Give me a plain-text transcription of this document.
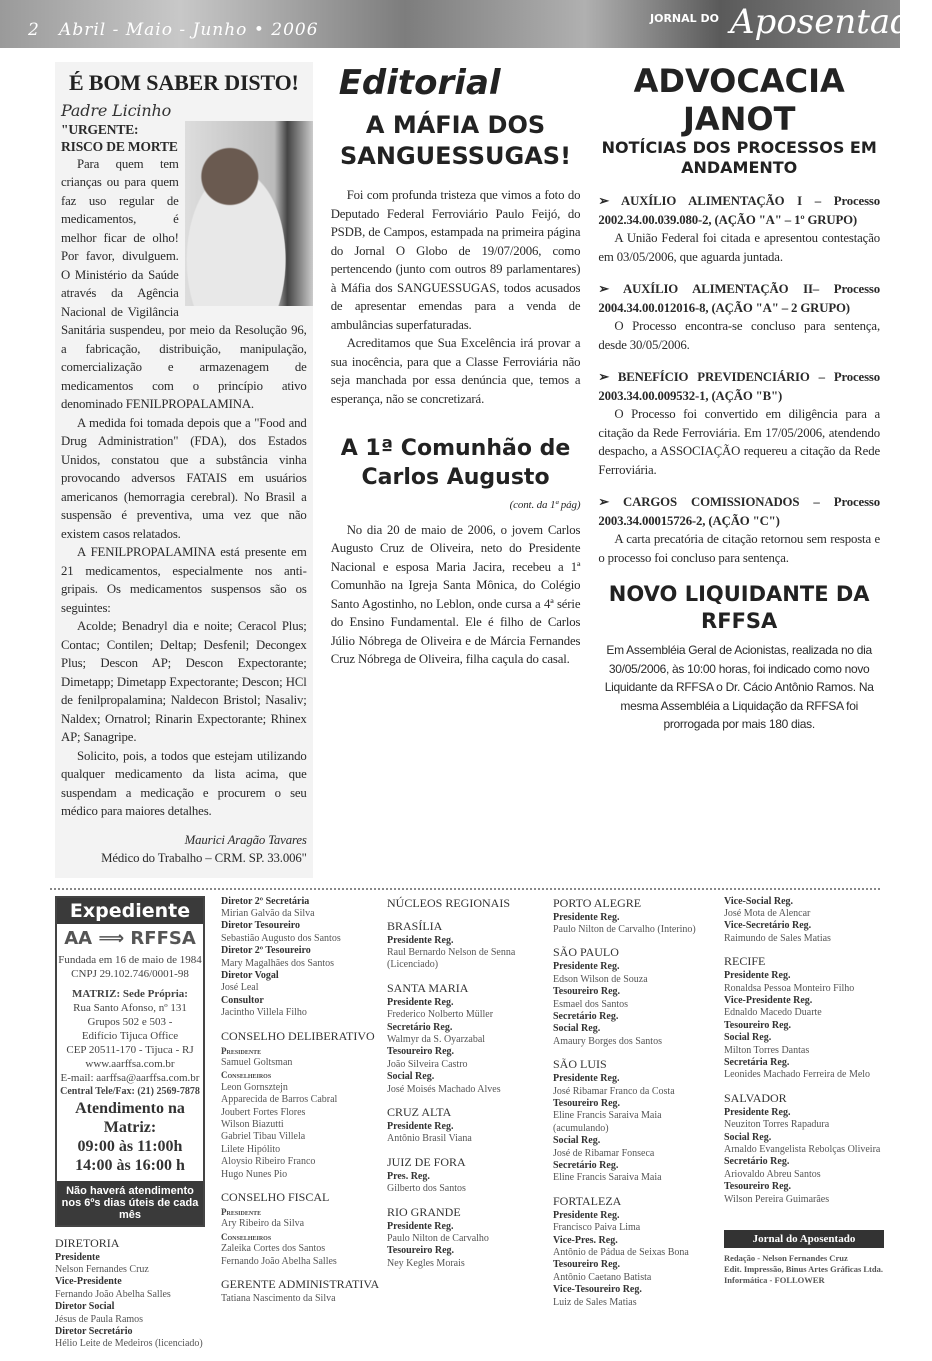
2 Abril - Maio - Junho • 2006
JORNAL DO Aposentado
É BOM SABER DISTO!
Padre Licinho
"URGENTE: RISCO DE MORTE

Para quem tem crianças ou para quem faz uso regular de medicamentos, é melhor ficar de olho! Por favor, divulguem. O Ministério da Saúde através da Agência Nacional de Vigilância Sanitária suspendeu, por meio da Resolução 96, a fabricação, distribuição, manipulação, comercialização e armazenagem de medicamentos com o princípio ativo denominado FENILPROPALAMINA.

A medida foi tomada depois que a "Food and Drug Administration" (FDA), dos Estados Unidos, constatou que a substância vinha provocando adversos FATAIS em usuários americanos (hemorragia cerebral). No Brasil a suspensão é preventiva, uma vez que não existem casos relatados.

A FENILPROPALAMINA está presente em 21 medicamentos, especialmente nos anti-gripais. Os medicamentos suspensos são os seguintes:

Acolde; Benadryl dia e noite; Ceracol Plus; Contac; Contilen; Deltap; Desfenil; Decongex Plus; Descon AP; Descon Expectorante; Dimetapp; Dimetapp Expectorante; Descon; HCl de fenilpropalamina; Naldecon Bristol; Nasaliv; Naldex; Ornatrol; Rinarin Expectorante; Rhinex AP; Sanagripe.

Solicito, pois, a todos que estejam utilizando qualquer medicamento da lista acima, que suspendam a medicação e procurem o seu médico para maiores detalhes.

Maurici Aragão Tavares

Médico do Trabalho – CRM. SP. 33.006"

Editorial
A MÁFIA DOS SANGUESSUGAS!

Foi com profunda tristeza que vimos a foto do Deputado Federal Ferroviário Paulo Feijó, do PSDB, de Campos, estampada na primeira página do Jornal O Globo de 19/07/2006, como pertencendo (junto com outros 89 parlamentares) à Máfia dos SANGUESSUGAS, todos acusados de apresentar emendas para a venda de ambulâncias superfaturadas.

Acreditamos que Sua Excelência irá provar a sua inocência, para que a Classe Ferroviária não seja manchada por essa denúncia que, temos a esperança, não se concretizará.

A 1ª Comunhão de Carlos Augusto
(cont. da 1ª pág)

No dia 20 de maio de 2006, o jovem Carlos Augusto Cruz de Oliveira, neto do Presidente Nacional e esposa Maria Jacira, recebeu a 1ª Comunhão na Igreja Santa Mônica, do Colégio Santo Agostinho, no Leblon, onde cursa a 4ª série do Ensino Fundamental. Ele é filho de Carlos Júlio Nóbrega de Oliveira e de Márcia Fernandes Cruz Nóbrega de Oliveira, filha caçula do casal.

ADVOCACIA JANOT
NOTÍCIAS DOS PROCESSOS EM ANDAMENTO
➢ AUXÍLIO ALIMENTAÇÃO I – Processo 2002.34.00.039.080-2, (AÇÃO "A" – 1º GRUPO)

A União Federal foi citada e apresentou contestação em 03/05/2006, que aguarda juntada.

➢ AUXÍLIO ALIMENTAÇÃO II– Processo 2004.34.00.012016-8, (AÇÃO "A" – 2 GRUPO)

O Processo encontra-se concluso para sentença, desde 30/05/2006.

➢ BENEFÍCIO PREVIDENCIÁRIO – Processo 2003.34.00.009532-1, (AÇÃO "B")

O Processo foi convertido em diligência para a citação da Rede Ferroviária. Em 17/05/2006, atendendo despacho, a ASSOCIAÇÃO requereu a citação da Rede Ferroviária.

➢ CARGOS COMISSIONADOS – Processo 2003.34.00015726-2, (AÇÃO "C")

A carta precatória de citação retornou sem resposta e o processo foi concluso para sentença.

NOVO LIQUIDANTE DA RFFSA
Em Assembléia Geral de Acionistas, realizada no dia 30/05/2006, às 10:00 horas, foi indicado como novo Liquidante da RFFSA o Dr. Cácio Antônio Ramos. Na mesma Assembléia a Liquidação da RFFSA foi prorrogada por mais 180 dias.
Expediente
AA ⟹ RFFSA
Fundada em 16 de maio de 1984
CNPJ 29.102.746/0001-98
MATRIZ: Sede Própria:
Rua Santo Afonso, nº 131
Grupos 502 e 503 -
Edifício Tijuca Office
CEP 20511-170 - Tijuca - RJ
www.aarffsa.com.br
E-mail: aarffsa@aarffsa.com.br
Central Tele/Fax: (21) 2569-7878
Atendimento na Matriz:
09:00 às 11:00h
14:00 às 16:00 h
Não haverá atendimento nos 6ºs dias úteis de cada mês
DIRETORIA
Presidente
Nelson Fernandes Cruz
Vice-Presidente
Fernando João Abelha Salles
Diretor Social
Jésus de Paula Ramos
Diretor Secretário
Hélio Leite de Medeiros (licenciado)
Diretor 2º Secretária
Mirian Galvão da Silva
Diretor Tesoureiro
Sebastião Augusto dos Santos
Diretor 2º Tesoureiro
Mary Magalhães dos Santos
Diretor Vogal
José Leal
Consultor
Jacintho Villela Filho
CONSELHO DELIBERATIVO
Presidente
Samuel Goltsman
Conselheiros
Leon Gornsztejn
Apparecida de Barros Cabral
Joubert Fortes Flores
Wilson Biazutti
Gabriel Tibau Villela
Lilete Hipólito
Aloysio Ribeiro Franco
Hugo Nunes Pio
CONSELHO FISCAL
Presidente
Ary Ribeiro da Silva
Conselheiros
Zaleika Cortes dos Santos
Fernando João Abelha Salles
GERENTE ADMINISTRATIVA
Tatiana Nascimento da Silva
NÚCLEOS REGIONAIS
BRASÍLIA
Presidente Reg.
Raul Bernardo Nelson de Senna (Licenciado)
SANTA MARIA
Presidente Reg.
Frederico Nolberto Müller
Secretário Reg.
Walmyr da S. Oyarzabal
Tesoureiro Reg.
João Silveira Castro
Social Reg.
José Moisés Machado Alves
CRUZ ALTA
Presidente Reg.
Antônio Brasil Viana
JUIZ DE FORA
Pres. Reg.
Gilberto dos Santos
RIO GRANDE
Presidente Reg.
Paulo Nilton de Carvalho
Tesoureiro Reg.
Ney Kegles Morais
PORTO ALEGRE
Presidente Reg.
Paulo Nilton de Carvalho (Interino)
SÃO PAULO
Presidente Reg.
Edson Wilson de Souza
Tesoureiro Reg.
Esmael dos Santos
Secretário Reg.
Social Reg.
Amaury Borges dos Santos
SÃO LUIS
Presidente Reg.
José Ribamar Franco da Costa
Tesoureiro Reg.
Eline Francis Saraiva Maia (acumulando)
Social Reg.
José de Ribamar Fonseca
Secretário Reg.
Eline Francis Saraiva Maia
FORTALEZA
Presidente Reg.
Francisco Paiva Lima
Vice-Pres. Reg.
Antônio de Pádua de Seixas Bona
Tesoureiro Reg.
Antônio Caetano Batista
Vice-Tesoureiro Reg.
Luiz de Sales Matias
Vice-Social Reg.
José Mota de Alencar
Vice-Secretário Reg.
Raimundo de Sales Matias
RECIFE
Presidente Reg.
Ronaldsa Pessoa Monteiro Filho
Vice-Presidente Reg.
Ednaldo Macedo Duarte
Tesoureiro Reg.
Social Reg.
Milton Torres Dantas
Secretária Reg.
Leonides Machado Ferreira de Melo
SALVADOR
Presidente Reg.
Neuziton Torres Rapadura
Social Reg.
Arnaldo Evangelista Rebolças Oliveira
Secretário Reg.
Ariovaldo Abreu Santos
Tesoureiro Reg.
Wilson Pereira Guimarães
Jornal do Aposentado
Redação - Nelson Fernandes Cruz
Edit. Impressão, Binus Artes Gráficas Ltda.
Informática - FOLLOWER
